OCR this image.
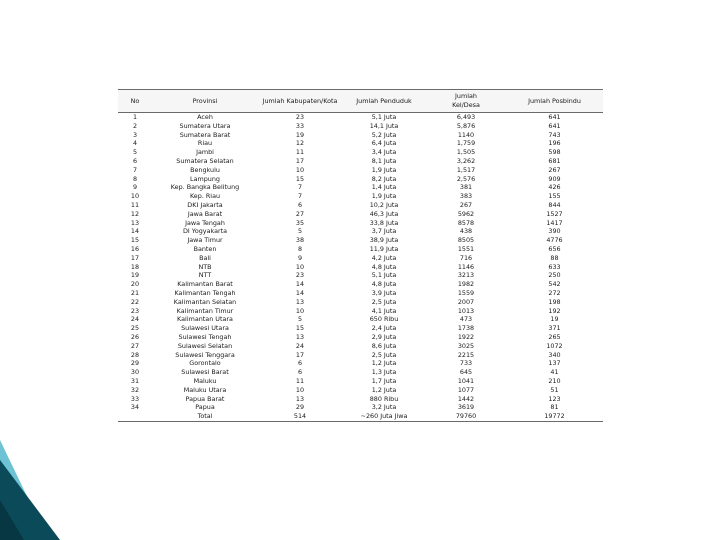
No	Provinsi	Jumlah Kabupaten/Kota	Jumlah Penduduk	Jumlah Kel/Desa	Jumlah Posbindu
1	Aceh	23	5,1 Juta	6,493	641
2	Sumatera Utara	33	14,1 Juta	5,876	641
3	Sumatera Barat	19	5,2 Juta	1140	743
4	Riau	12	6,4 Juta	1,759	196
5	Jambi	11	3,4 Juta	1,505	598
6	Sumatera Selatan	17	8,1 Juta	3,262	681
7	Bengkulu	10	1,9 Juta	1,517	267
8	Lampung	15	8,2 Juta	2,576	909
9	Kep. Bangka Belitung	7	1,4 Juta	381	426
10	Kep. Riau	7	1,9 Juta	383	155
11	DKI Jakarta	6	10,2 Juta	267	844
12	Jawa Barat	27	46,3 Juta	5962	1527
13	Jawa Tengah	35	33,8 Juta	8578	1417
14	DI Yogyakarta	5	3,7 Juta	438	390
15	Jawa Timur	38	38,9 Juta	8505	4776
16	Banten	8	11,9 Juta	1551	656
17	Bali	9	4,2 Juta	716	88
18	NTB	10	4,8 Juta	1146	633
19	NTT	23	5,1 Juta	3213	250
20	Kalimantan Barat	14	4,8 Juta	1982	542
21	Kalimantan Tengah	14	3,9 Juta	1559	272
22	Kalimantan Selatan	13	2,5 Juta	2007	198
23	Kalimantan Timur	10	4,1 Juta	1013	192
24	Kalimantan Utara	5	650 Ribu	473	19
25	Sulawesi Utara	15	2,4 Juta	1738	371
26	Sulawesi Tengah	13	2,9 Juta	1922	265
27	Sulawesi Selatan	24	8,6 Juta	3025	1072
28	Sulawesi Tenggara	17	2,5 Juta	2215	340
29	Gorontalo	6	1,2 Juta	733	137
30	Sulawesi Barat	6	1,3 Juta	645	41
31	Maluku	11	1,7 Juta	1041	210
32	Maluku Utara	10	1,2 Juta	1077	51
33	Papua Barat	13	880 Ribu	1442	123
34	Papua	29	3,2 Juta	3619	81
	Total	514	~260 Juta Jiwa	79760	19772
